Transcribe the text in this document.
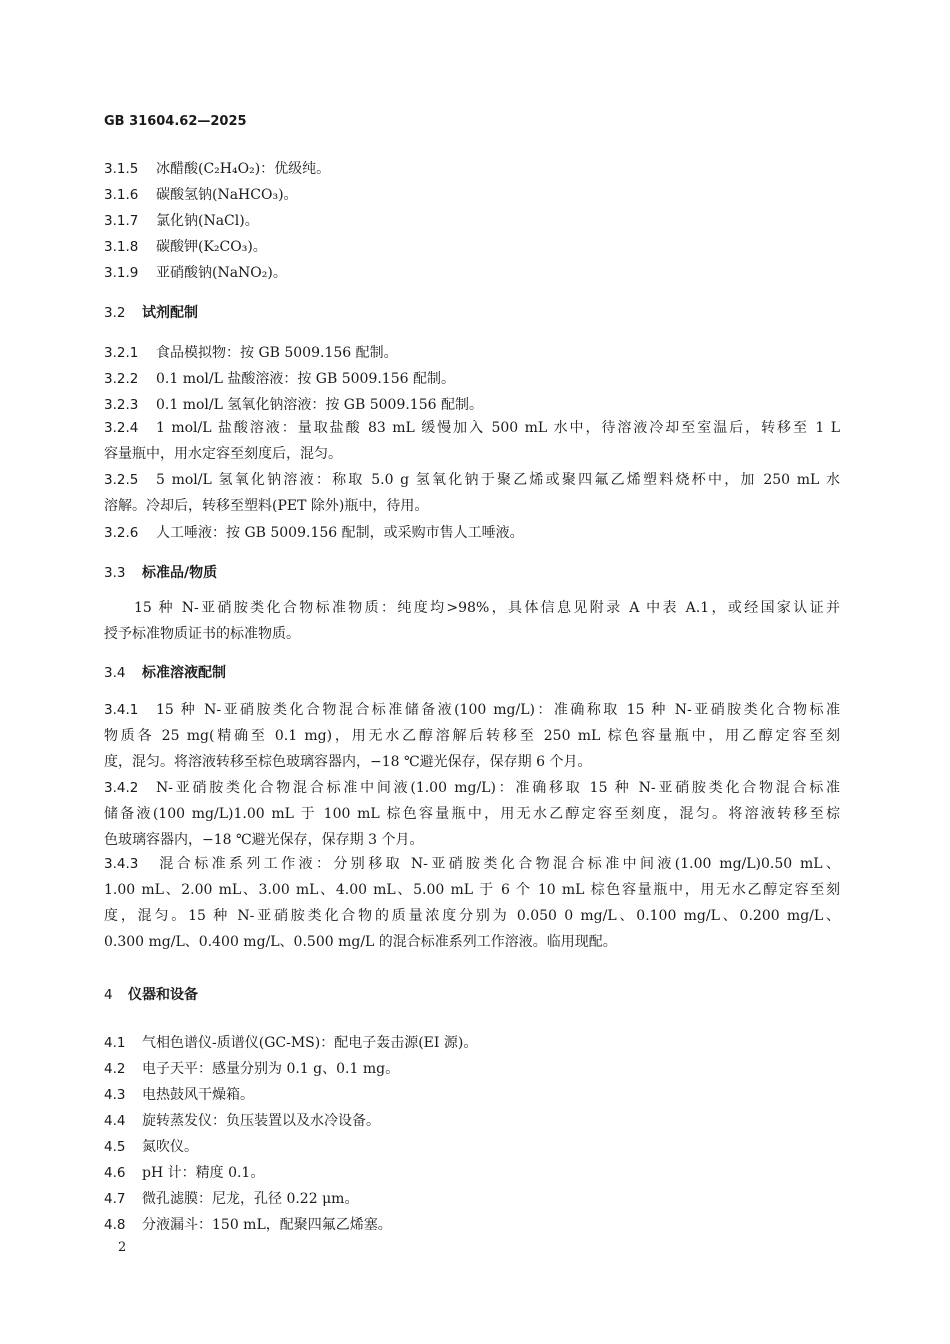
GB 31604.62—2025
3.1.5 冰醋酸(C₂H₄O₂)：优级纯。
3.1.6 碳酸氢钠(NaHCO₃)。
3.1.7 氯化钠(NaCl)。
3.1.8 碳酸钾(K₂CO₃)。
3.1.9 亚硝酸钠(NaNO₂)。
3.2 试剂配制
3.2.1 食品模拟物：按 GB 5009.156 配制。
3.2.2 0.1 mol/L 盐酸溶液：按 GB 5009.156 配制。
3.2.3 0.1 mol/L 氢氧化钠溶液：按 GB 5009.156 配制。
3.2.4 1 mol/L 盐酸溶液：量取盐酸 83 mL 缓慢加入 500 mL 水中，待溶液冷却至室温后，转移至 1 L
容量瓶中，用水定容至刻度后，混匀。
3.2.5 5 mol/L 氢氧化钠溶液：称取 5.0 g 氢氧化钠于聚乙烯或聚四氟乙烯塑料烧杯中，加 250 mL 水
溶解。冷却后，转移至塑料(PET 除外)瓶中，待用。
3.2.6 人工唾液：按 GB 5009.156 配制，或采购市售人工唾液。
3.3 标准品/物质
15 种 N-亚硝胺类化合物标准物质：纯度均>98%，具体信息见附录 A 中表 A.1，或经国家认证并
授予标准物质证书的标准物质。
3.4 标准溶液配制
3.4.1 15 种 N-亚硝胺类化合物混合标准储备液(100 mg/L)：准确称取 15 种 N-亚硝胺类化合物标准
物质各 25 mg(精确至 0.1 mg)，用无水乙醇溶解后转移至 250 mL 棕色容量瓶中，用乙醇定容至刻
度，混匀。将溶液转移至棕色玻璃容器内，−18 ℃避光保存，保存期 6 个月。
3.4.2 N-亚硝胺类化合物混合标准中间液(1.00 mg/L)：准确移取 15 种 N-亚硝胺类化合物混合标准
储备液(100 mg/L)1.00 mL 于 100 mL 棕色容量瓶中，用无水乙醇定容至刻度，混匀。将溶液转移至棕
色玻璃容器内，−18 ℃避光保存，保存期 3 个月。
3.4.3 混合标准系列工作液：分别移取 N-亚硝胺类化合物混合标准中间液(1.00 mg/L)0.50 mL、
1.00 mL、2.00 mL、3.00 mL、4.00 mL、5.00 mL 于 6 个 10 mL 棕色容量瓶中，用无水乙醇定容至刻
度，混匀。15 种 N-亚硝胺类化合物的质量浓度分别为 0.050 0 mg/L、0.100 mg/L、0.200 mg/L、
0.300 mg/L、0.400 mg/L、0.500 mg/L 的混合标准系列工作溶液。临用现配。
4 仪器和设备
4.1 气相色谱仪-质谱仪(GC-MS)：配电子轰击源(EI 源)。
4.2 电子天平：感量分别为 0.1 g、0.1 mg。
4.3 电热鼓风干燥箱。
4.4 旋转蒸发仪：负压装置以及水冷设备。
4.5 氮吹仪。
4.6 pH 计：精度 0.1。
4.7 微孔滤膜：尼龙，孔径 0.22 μm。
4.8 分液漏斗：150 mL，配聚四氟乙烯塞。
2
